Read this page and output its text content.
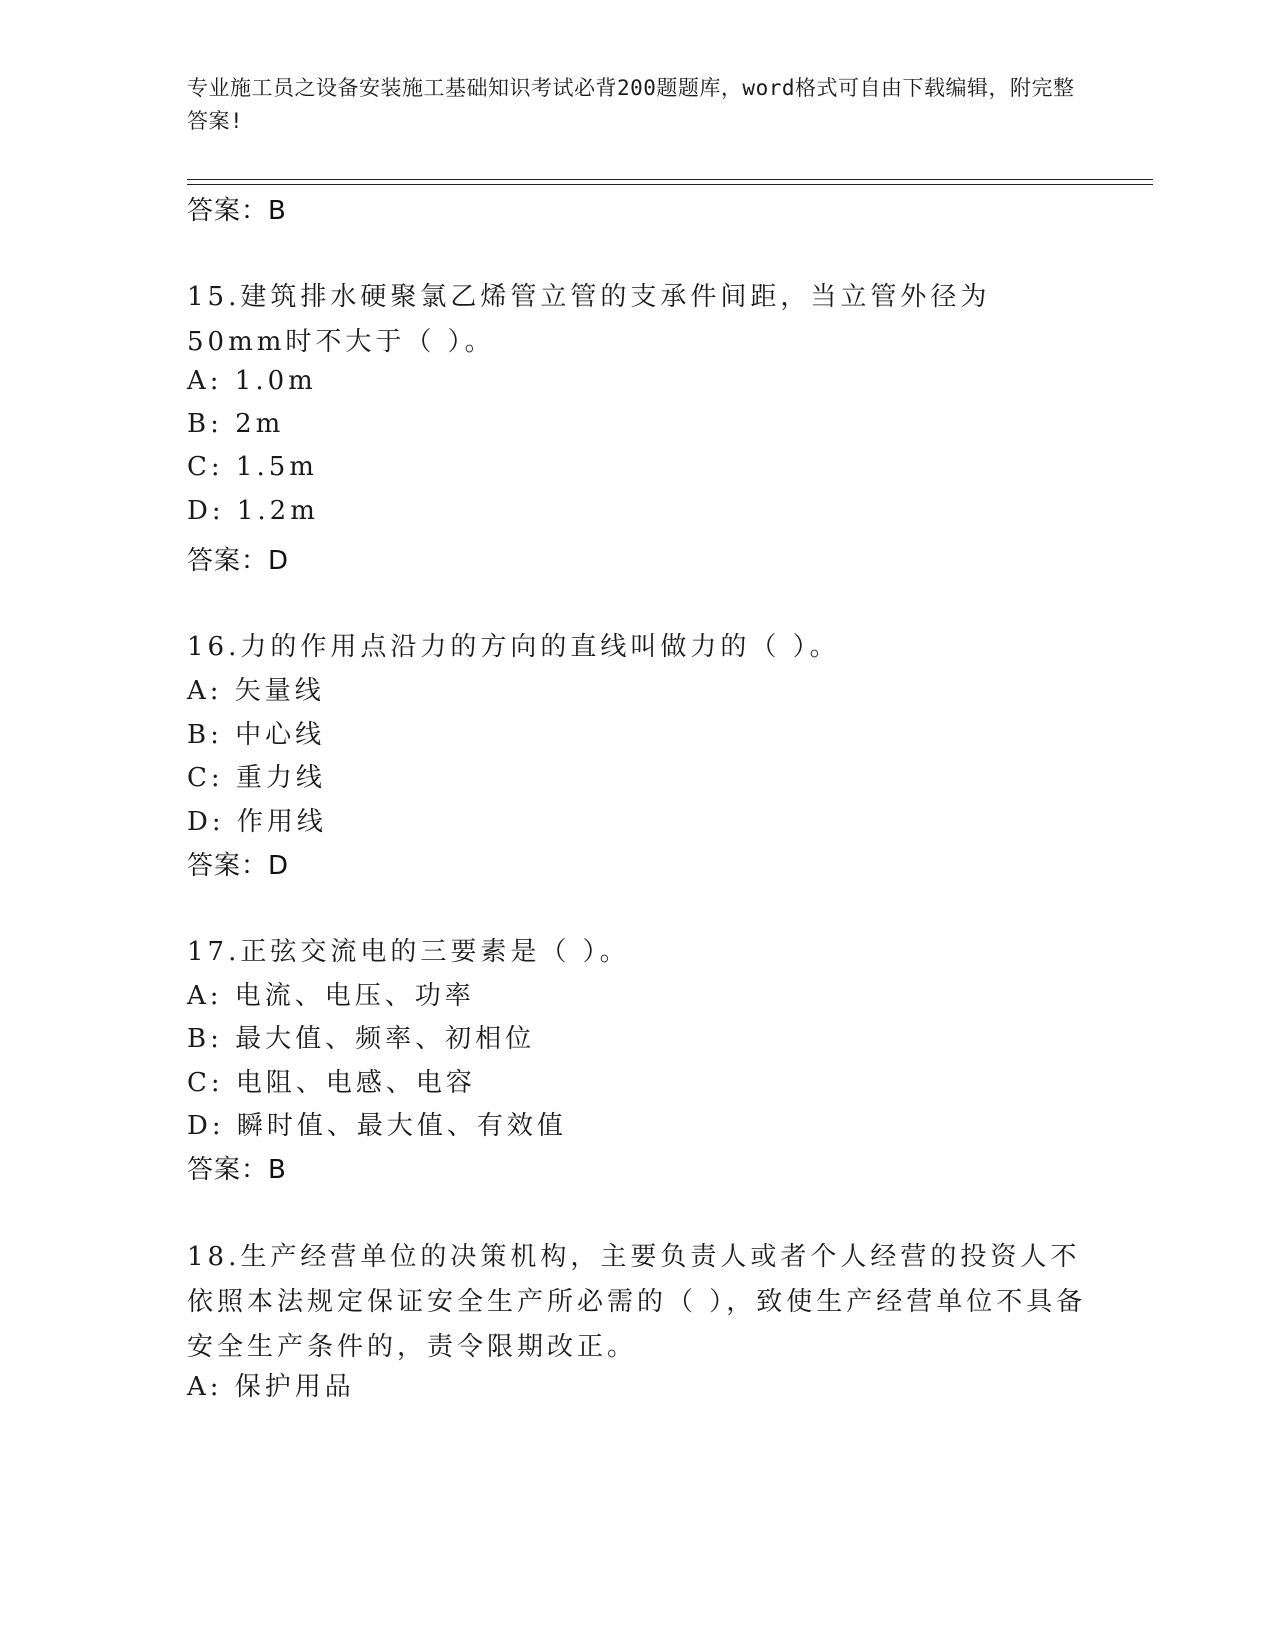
专业施工员之设备安装施工基础知识考试必背200题题库，word格式可自由下载编辑，附完整答案!
答案：B
15.建筑排水硬聚氯乙烯管立管的支承件间距，当立管外径为50mm时不大于（ ）。
A: 1.0m
B: 2m
C: 1.5m
D: 1.2m
答案：D
16.力的作用点沿力的方向的直线叫做力的（ ）。
A: 矢量线
B: 中心线
C: 重力线
D: 作用线
答案：D
17.正弦交流电的三要素是（ ）。
A: 电流、电压、功率
B: 最大值、频率、初相位
C: 电阻、电感、电容
D: 瞬时值、最大值、有效值
答案：B
18.生产经营单位的决策机构，主要负责人或者个人经营的投资人不依照本法规定保证安全生产所必需的（ ），致使生产经营单位不具备安全生产条件的，责令限期改正。
A: 保护用品
